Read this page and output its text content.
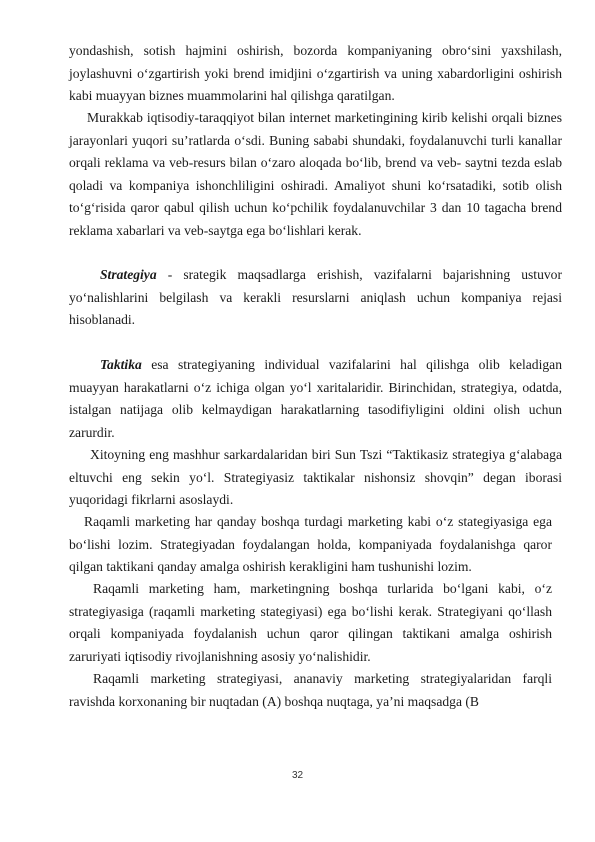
yondashish, sotish hajmini oshirish, bozorda kompaniyaning obro‘sini yaxshilash, joylashuvni o‘zgartirish yoki brend imidjini o‘zgartirish va uning xabardorligini oshirish kabi muayyan biznes muammolarini hal qilishga qaratilgan.

Murakkab iqtisodiy-taraqqiyot bilan internet marketingining kirib kelishi orqali biznes jarayonlari yuqori su’ratlarda o‘sdi. Buning sababi shundaki, foydalanuvchi turli kanallar orqali reklama va veb-resurs bilan o‘zaro aloqada bo‘lib, brend va veb- saytni tezda eslab qoladi va kompaniya ishonchliligini oshiradi. Amaliyot shuni ko‘rsatadiki, sotib olish to‘g‘risida qaror qabul qilish uchun ko‘pchilik foydalanuvchilar 3 dan 10 tagacha brend reklama xabarlari va veb-saytga ega bo‘lishlari kerak.

Strategiya - srategik maqsadlarga erishish, vazifalarni bajarishning ustuvor yo‘nalishlarini belgilash va kerakli resurslarni aniqlash uchun kompaniya rejasi hisoblanadi.

Taktika esa strategiyaning individual vazifalarini hal qilishga olib keladigan muayyan harakatlarni o‘z ichiga olgan yo‘l xaritalaridir. Birinchidan, strategiya, odatda, istalgan natijaga olib kelmaydigan harakatlarning tasodifiyligini oldini olish uchun zarurdir.

Xitoyning eng mashhur sarkardalaridan biri Sun Tszi “Taktikasiz strategiya g‘alabaga eltuvchi eng sekin yo‘l. Strategiyasiz taktikalar nishonsiz shovqin” degan iborasi yuqoridagi fikrlarni asoslaydi.

Raqamli marketing har qanday boshqa turdagi marketing kabi o‘z stategiyasiga ega bo‘lishi lozim. Strategiyadan foydalangan holda, kompaniyada foydalanishga qaror qilgan taktikani qanday amalga oshirish kerakligini ham tushunishi lozim.

Raqamli marketing ham, marketingning boshqa turlarida bo‘lgani kabi, o‘z strategiyasiga (raqamli marketing stategiyasi) ega bo‘lishi kerak. Strategiyani qo‘llash orqali kompaniyada foydalanish uchun qaror qilingan taktikani amalga oshirish zaruriyati iqtisodiy rivojlanishning asosiy yo‘nalishidir.

Raqamli marketing strategiyasi, ananaviy marketing strategiyalaridan farqli ravishda korxonaning bir nuqtadan (A) boshqa nuqtaga, ya’ni maqsadga (B

32
